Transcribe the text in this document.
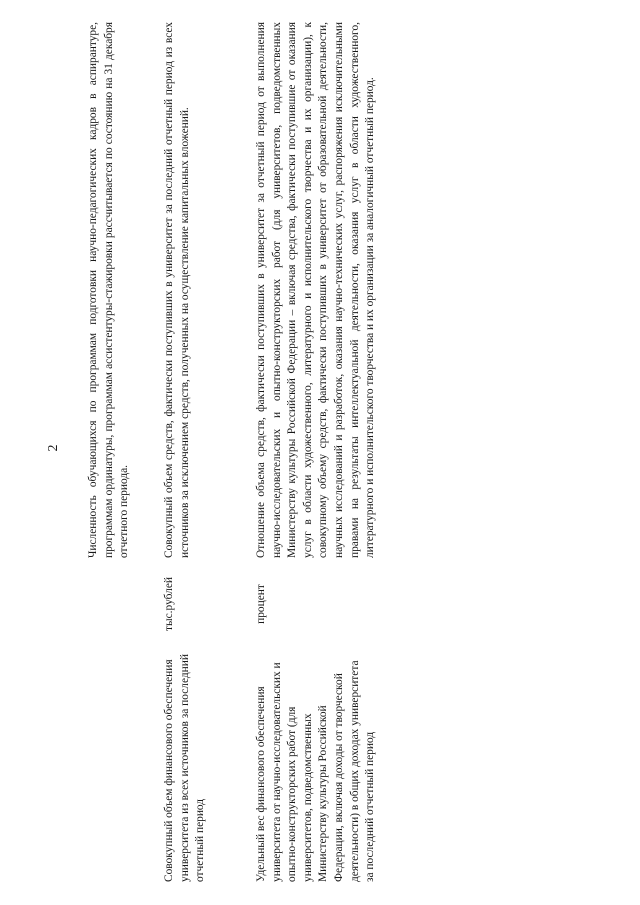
2 Численность обучающихся по программам подготовки научно-педагогических кадров в аспирантуре, программам ординатуры, программам ассистентуры-стажировки рассчитывается по состоянию на 31 декабря отчетного периода.
Совокупный объем финансового обеспечения университета из всех источников за последний отчетный период
тыс.рублей
Совокупный объем средств, фактически поступивших в университет за последний отчетный период из всех источников за исключением средств, полученных на осуществление капитальных вложений.
Удельный вес финансового обеспечения университета от научно-исследовательских и опытно-конструкторских работ (для университетов, подведомственных Министерству культуры Российской Федерации, включая доходы от творческой деятельности) в общих доходах университета за последний отчетный период
процент
Отношение объема средств, фактически поступивших в университет за отчетный период от выполнения научно-исследовательских и опытно-конструкторских работ (для университетов, подведомственных Министерству культуры Российской Федерации – включая средства, фактически поступившие от оказания услуг в области художественного, литературного и исполнительского творчества и их организации), к совокупному объему средств, фактически поступивших в университет от образовательной деятельности, научных исследований и разработок, оказания научно-технических услуг, распоряжения исключительными правами на результаты интеллектуальной деятельности, оказания услуг в области художественного, литературного и исполнительского творчества и их организации за аналогичный отчетный период.
